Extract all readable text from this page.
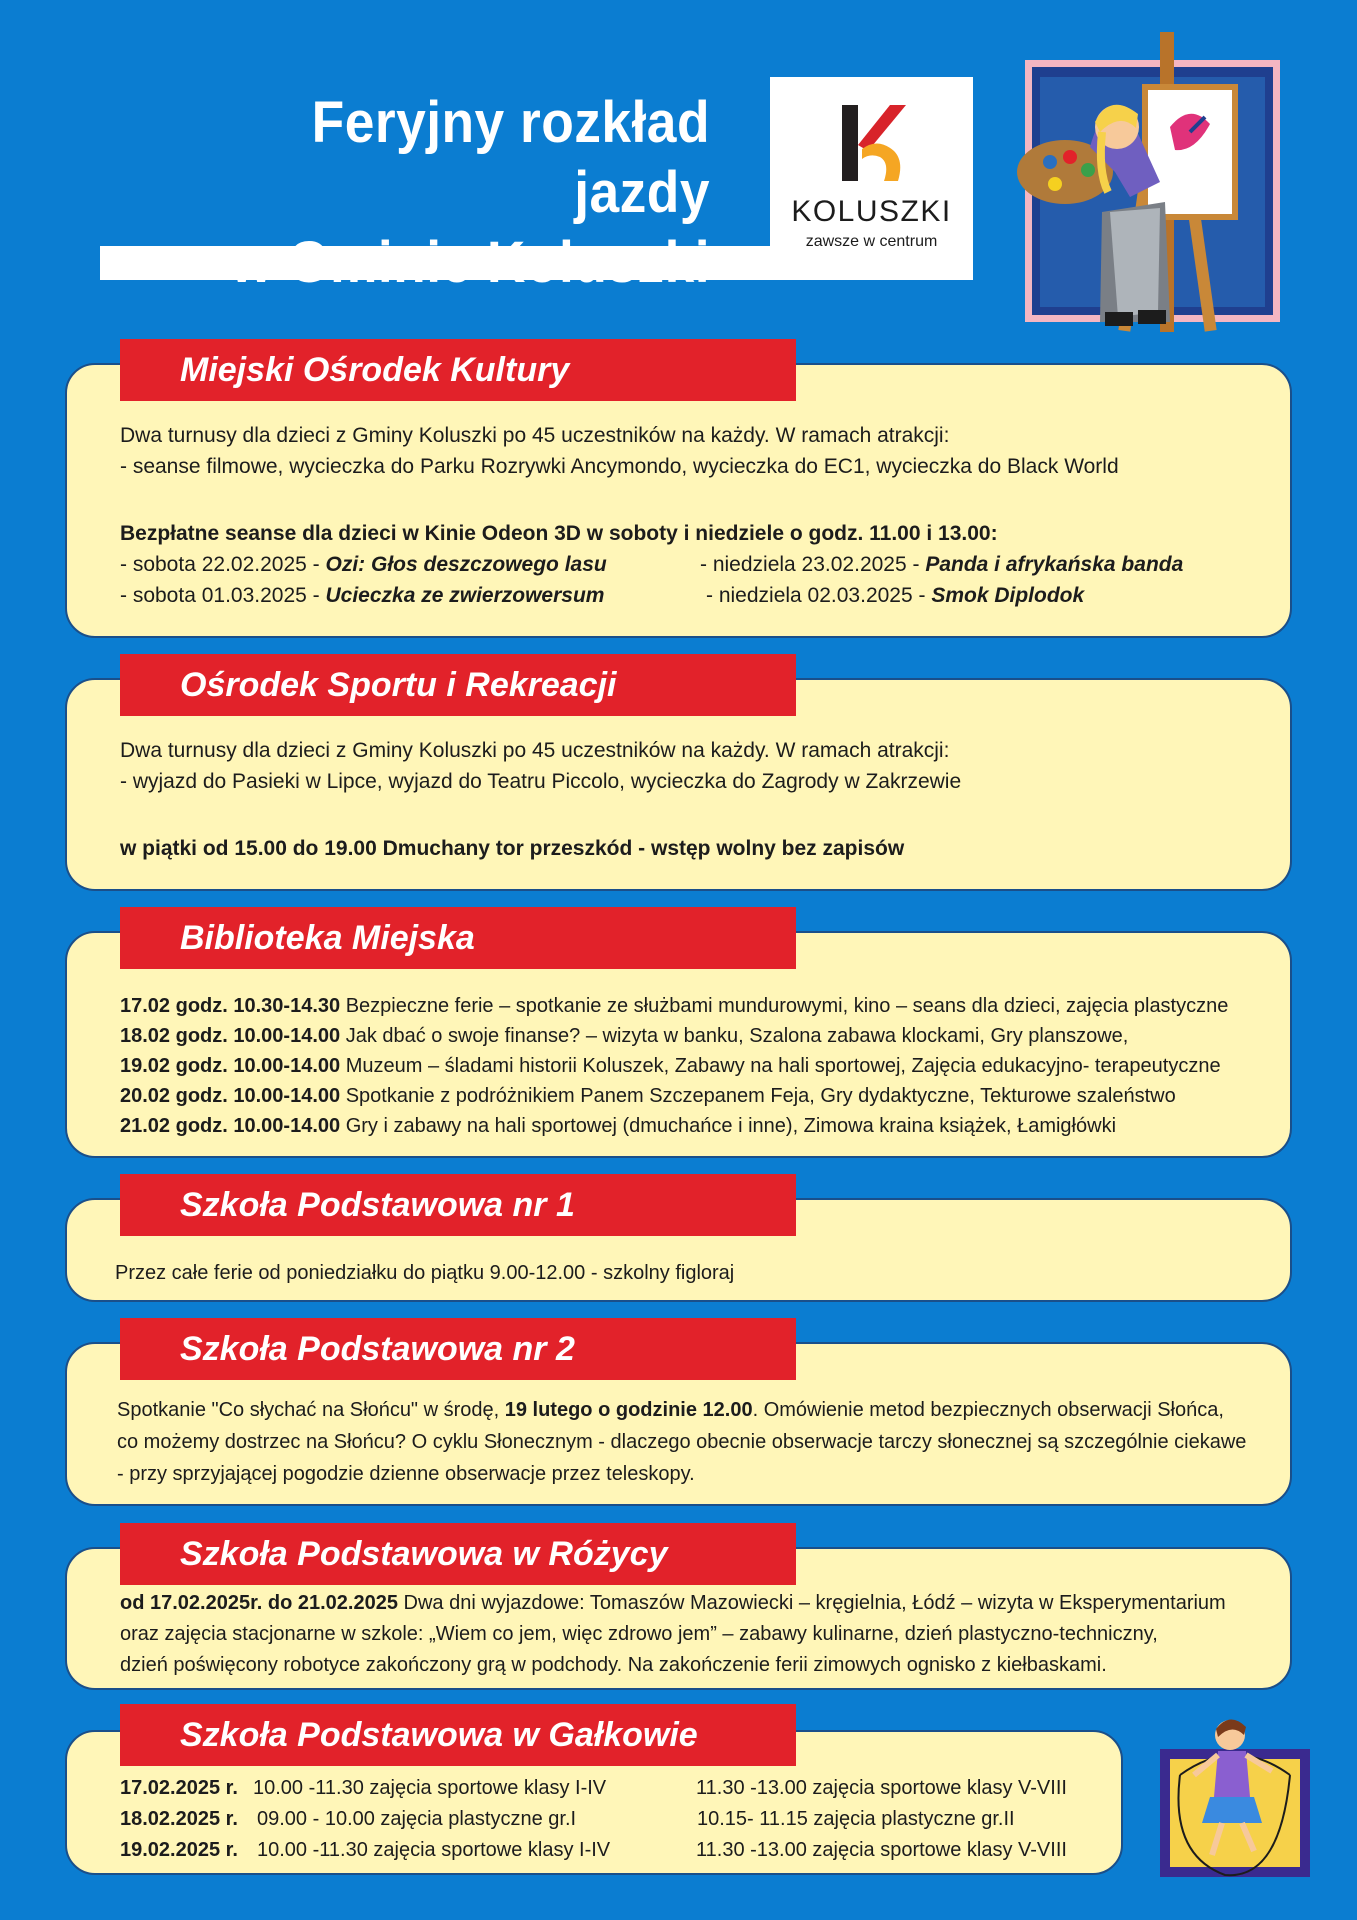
Feryjny rozkład jazdy
w Gminie Koluszki
KOLUSZKI
zawsze w centrum
Miejski Ośrodek Kultury
Dwa turnusy dla dzieci z Gminy Koluszki po 45 uczestników na każdy. W ramach atrakcji:
- seanse filmowe, wycieczka do Parku Rozrywki Ancymondo, wycieczka do EC1, wycieczka do Black World
Bezpłatne seanse dla dzieci w Kinie Odeon 3D w soboty i niedziele o godz. 11.00 i 13.00:
- sobota 22.02.2025 - Ozi: Głos deszczowego lasu	- niedziela 23.02.2025 - Panda i afrykańska banda
- sobota 01.03.2025 - Ucieczka ze zwierzowersum	- niedziela 02.03.2025 - Smok Diplodok
Ośrodek Sportu i Rekreacji
Dwa turnusy dla dzieci z Gminy Koluszki po 45 uczestników na każdy. W ramach atrakcji:
- wyjazd do Pasieki w Lipce, wyjazd do Teatru Piccolo, wycieczka do Zagrody w Zakrzewie
w piątki od 15.00 do 19.00 Dmuchany tor przeszkód - wstęp wolny bez zapisów
Biblioteka Miejska
17.02 godz. 10.30-14.30 Bezpieczne ferie – spotkanie ze służbami mundurowymi, kino – seans dla dzieci, zajęcia plastyczne
18.02 godz. 10.00-14.00 Jak dbać o swoje finanse? – wizyta w banku, Szalona zabawa klockami, Gry planszowe,
19.02 godz. 10.00-14.00 Muzeum – śladami historii Koluszek, Zabawy na hali sportowej, Zajęcia edukacyjno- terapeutyczne
20.02 godz. 10.00-14.00 Spotkanie z podróżnikiem Panem Szczepanem Feja, Gry dydaktyczne, Tekturowe szaleństwo
21.02 godz. 10.00-14.00 Gry i zabawy na hali sportowej (dmuchańce i inne), Zimowa kraina książek, Łamigłówki
Szkoła Podstawowa nr 1
Przez całe ferie od poniedziałku do piątku 9.00-12.00 - szkolny figloraj
Szkoła Podstawowa nr 2
Spotkanie "Co słychać na Słońcu" w środę, 19 lutego o godzinie 12.00. Omówienie metod bezpiecznych obserwacji Słońca,
co możemy dostrzec na Słońcu? O cyklu Słonecznym - dlaczego obecnie obserwacje tarczy słonecznej są szczególnie ciekawe
- przy sprzyjającej pogodzie dzienne obserwacje przez teleskopy.
Szkoła Podstawowa w Różycy
od 17.02.2025r. do 21.02.2025 Dwa dni wyjazdowe: Tomaszów Mazowiecki – kręgielnia, Łódź – wizyta w Eksperymentarium
oraz zajęcia stacjonarne w szkole: „Wiem co jem, więc zdrowo jem” – zabawy kulinarne, dzień plastyczno-techniczny,
dzień poświęcony robotyce zakończony grą w podchody. Na zakończenie ferii zimowych ognisko z kiełbaskami.
Szkoła Podstawowa w Gałkowie
17.02.2025 r. 10.00 -11.30 zajęcia sportowe klasy I-IV	11.30 -13.00 zajęcia sportowe klasy V-VIII
18.02.2025 r. 09.00 - 10.00 zajęcia plastyczne gr.I	10.15- 11.15 zajęcia plastyczne gr.II
19.02.2025 r. 10.00 -11.30 zajęcia sportowe klasy I-IV	11.30 -13.00 zajęcia sportowe klasy V-VIII
